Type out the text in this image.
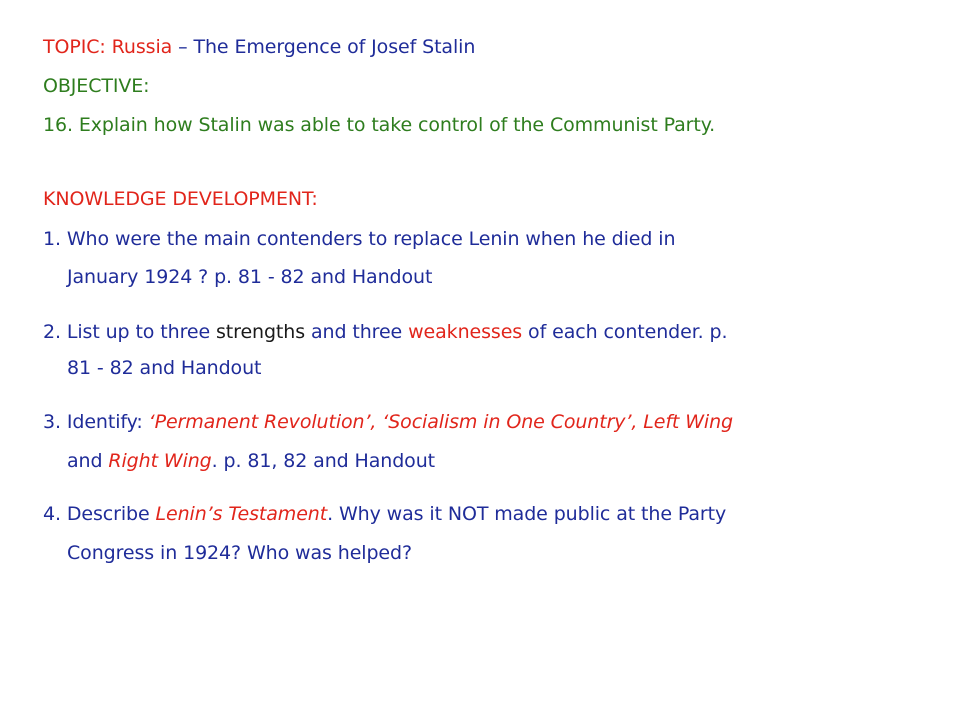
TOPIC: Russia – The Emergence of Josef Stalin
OBJECTIVE:
16. Explain how Stalin was able to take control of the Communist Party.
KNOWLEDGE DEVELOPMENT:
1. Who were the main contenders to replace Lenin when he died in
January 1924 ? p. 81 - 82 and Handout
2. List up to three strengths and three weaknesses of each contender. p.
81 - 82 and Handout
3. Identify: ‘Permanent Revolution’, ‘Socialism in One Country’, Left Wing
and Right Wing. p. 81, 82 and Handout
4. Describe Lenin’s Testament. Why was it NOT made public at the Party
Congress in 1924? Who was helped?
